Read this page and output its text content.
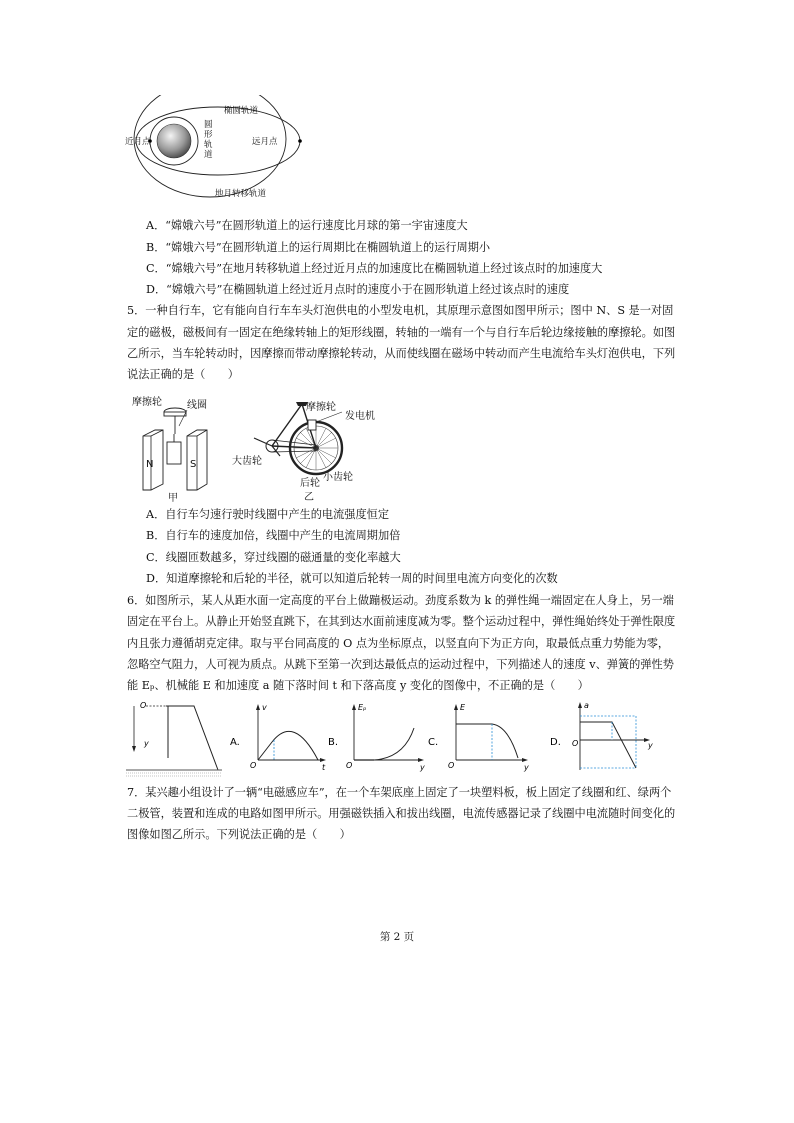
椭圆轨道
圆形轨道
近月点	远月点
地月转移轨道
A．“嫦娥六号”在圆形轨道上的运行速度比月球的第一宇宙速度大
B．“嫦娥六号”在圆形轨道上的运行周期比在椭圆轨道上的运行周期小
C．“嫦娥六号”在地月转移轨道上经过近月点的加速度比在椭圆轨道上经过该点时的加速度大
D．“嫦娥六号”在椭圆轨道上经过近月点时的速度小于在圆形轨道上经过该点时的速度
5．一种自行车，它有能向自行车车头灯泡供电的小型发电机，其原理示意图如图甲所示；图中 N、S 是一对固
定的磁极，磁极间有一固定在绝缘转轴上的矩形线圈，转轴的一端有一个与自行车后轮边缘接触的摩擦轮。如图
乙所示，当车轮转动时，因摩擦而带动摩擦轮转动，从而使线圈在磁场中转动而产生电流给车头灯泡供电，下列
说法正确的是（　　）
摩擦轮	线圈
N	S
甲
摩擦轮
发电机
大齿轮
后轮
小齿轮
乙
A．自行车匀速行驶时线圈中产生的电流强度恒定
B．自行车的速度加倍，线圈中产生的电流周期加倍
C．线圈匝数越多，穿过线圈的磁通量的变化率越大
D．知道摩擦轮和后轮的半径，就可以知道后轮转一周的时间里电流方向变化的次数
6．如图所示，某人从距水面一定高度的平台上做蹦极运动。劲度系数为 k 的弹性绳一端固定在人身上，另一端
固定在平台上。从静止开始竖直跳下，在其到达水面前速度减为零。整个运动过程中，弹性绳始终处于弹性限度
内且张力遵循胡克定律。取与平台同高度的 O 点为坐标原点，以竖直向下为正方向，取最低点重力势能为零，
忽略空气阻力，人可视为质点。从跳下至第一次到达最低点的运动过程中，下列描述人的速度 v、弹簧的弹性势
能 Eₚ、机械能 E 和加速度 a 随下落时间 t 和下落高度 y 变化的图像中，不正确的是（　　）
O
y	A.
v
O	t
B.
Eₚ
O	y
C.
E
O	y
D.
a
O	y
7．某兴趣小组设计了一辆“电磁感应车”，在一个车架底座上固定了一块塑料板，板上固定了线圈和红、绿两个
二极管，装置和连成的电路如图甲所示。用强磁铁插入和拔出线圈，电流传感器记录了线圈中电流随时间变化的
图像如图乙所示。下列说法正确的是（　　）
第 2 页
